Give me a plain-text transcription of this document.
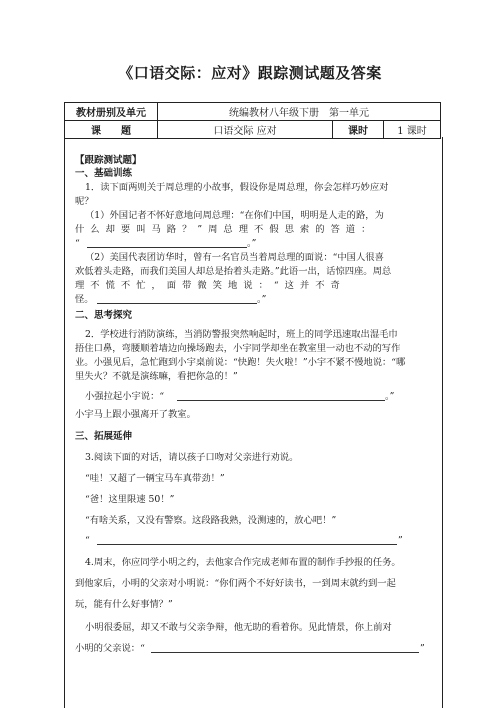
《口语交际：应对》跟踪测试题及答案
教材册别及单元	统编教材八年级下册　第一单元		
课　　题	口语交际 应对	课时	1 课时
【跟踪测试题】
一、基础训练
1．读下面两则关于周总理的小故事，假设你是周总理，你会怎样巧妙应对
呢？
（1）外国记者不怀好意地问周总理：“在你们中国，明明是人走的路，为
什么却要叫马路？”周总理不假思索的答道：
“	。”
（2）美国代表团访华时，曾有一名官员当着周总理的面说：“中国人很喜
欢低着头走路，而我们美国人却总是抬着头走路。”此语一出，话惊四座。周总
理不慌不忙，面带微笑地说：“这并不奇
怪。	。”
二、思考探究
2．学校进行消防演练，当消防警报突然响起时，班上的同学迅速取出湿毛巾
捂住口鼻，弯腰顺着墙边向操场跑去，小宇同学却坐在教室里一动也不动的写作
业。小强见后，急忙跑到小宇桌前说：“快跑！失火啦！”小宇不紧不慢地说：“哪
里失火？不就是演练嘛，看把你急的！”
小强拉起小宇说：“	。”
小宇马上跟小强离开了教室。
三、拓展延伸
3.阅读下面的对话，请以孩子口吻对父亲进行劝说。
“哇！又超了一辆宝马车真带劲！”
“爸！这里限速 50！”
“有啥关系，又没有警察。这段路我熟，没测速的，放心吧！”
“	”
4.周末，你应同学小明之约，去他家合作完成老师布置的制作手抄报的任务。
到他家后，小明的父亲对小明说：“你们两个不好好读书，一到周末就约到一起
玩，能有什么好事情？”
小明很委屈，却又不敢与父亲争辩，他无助的看着你。见此情景，你上前对
小明的父亲说：“	”
